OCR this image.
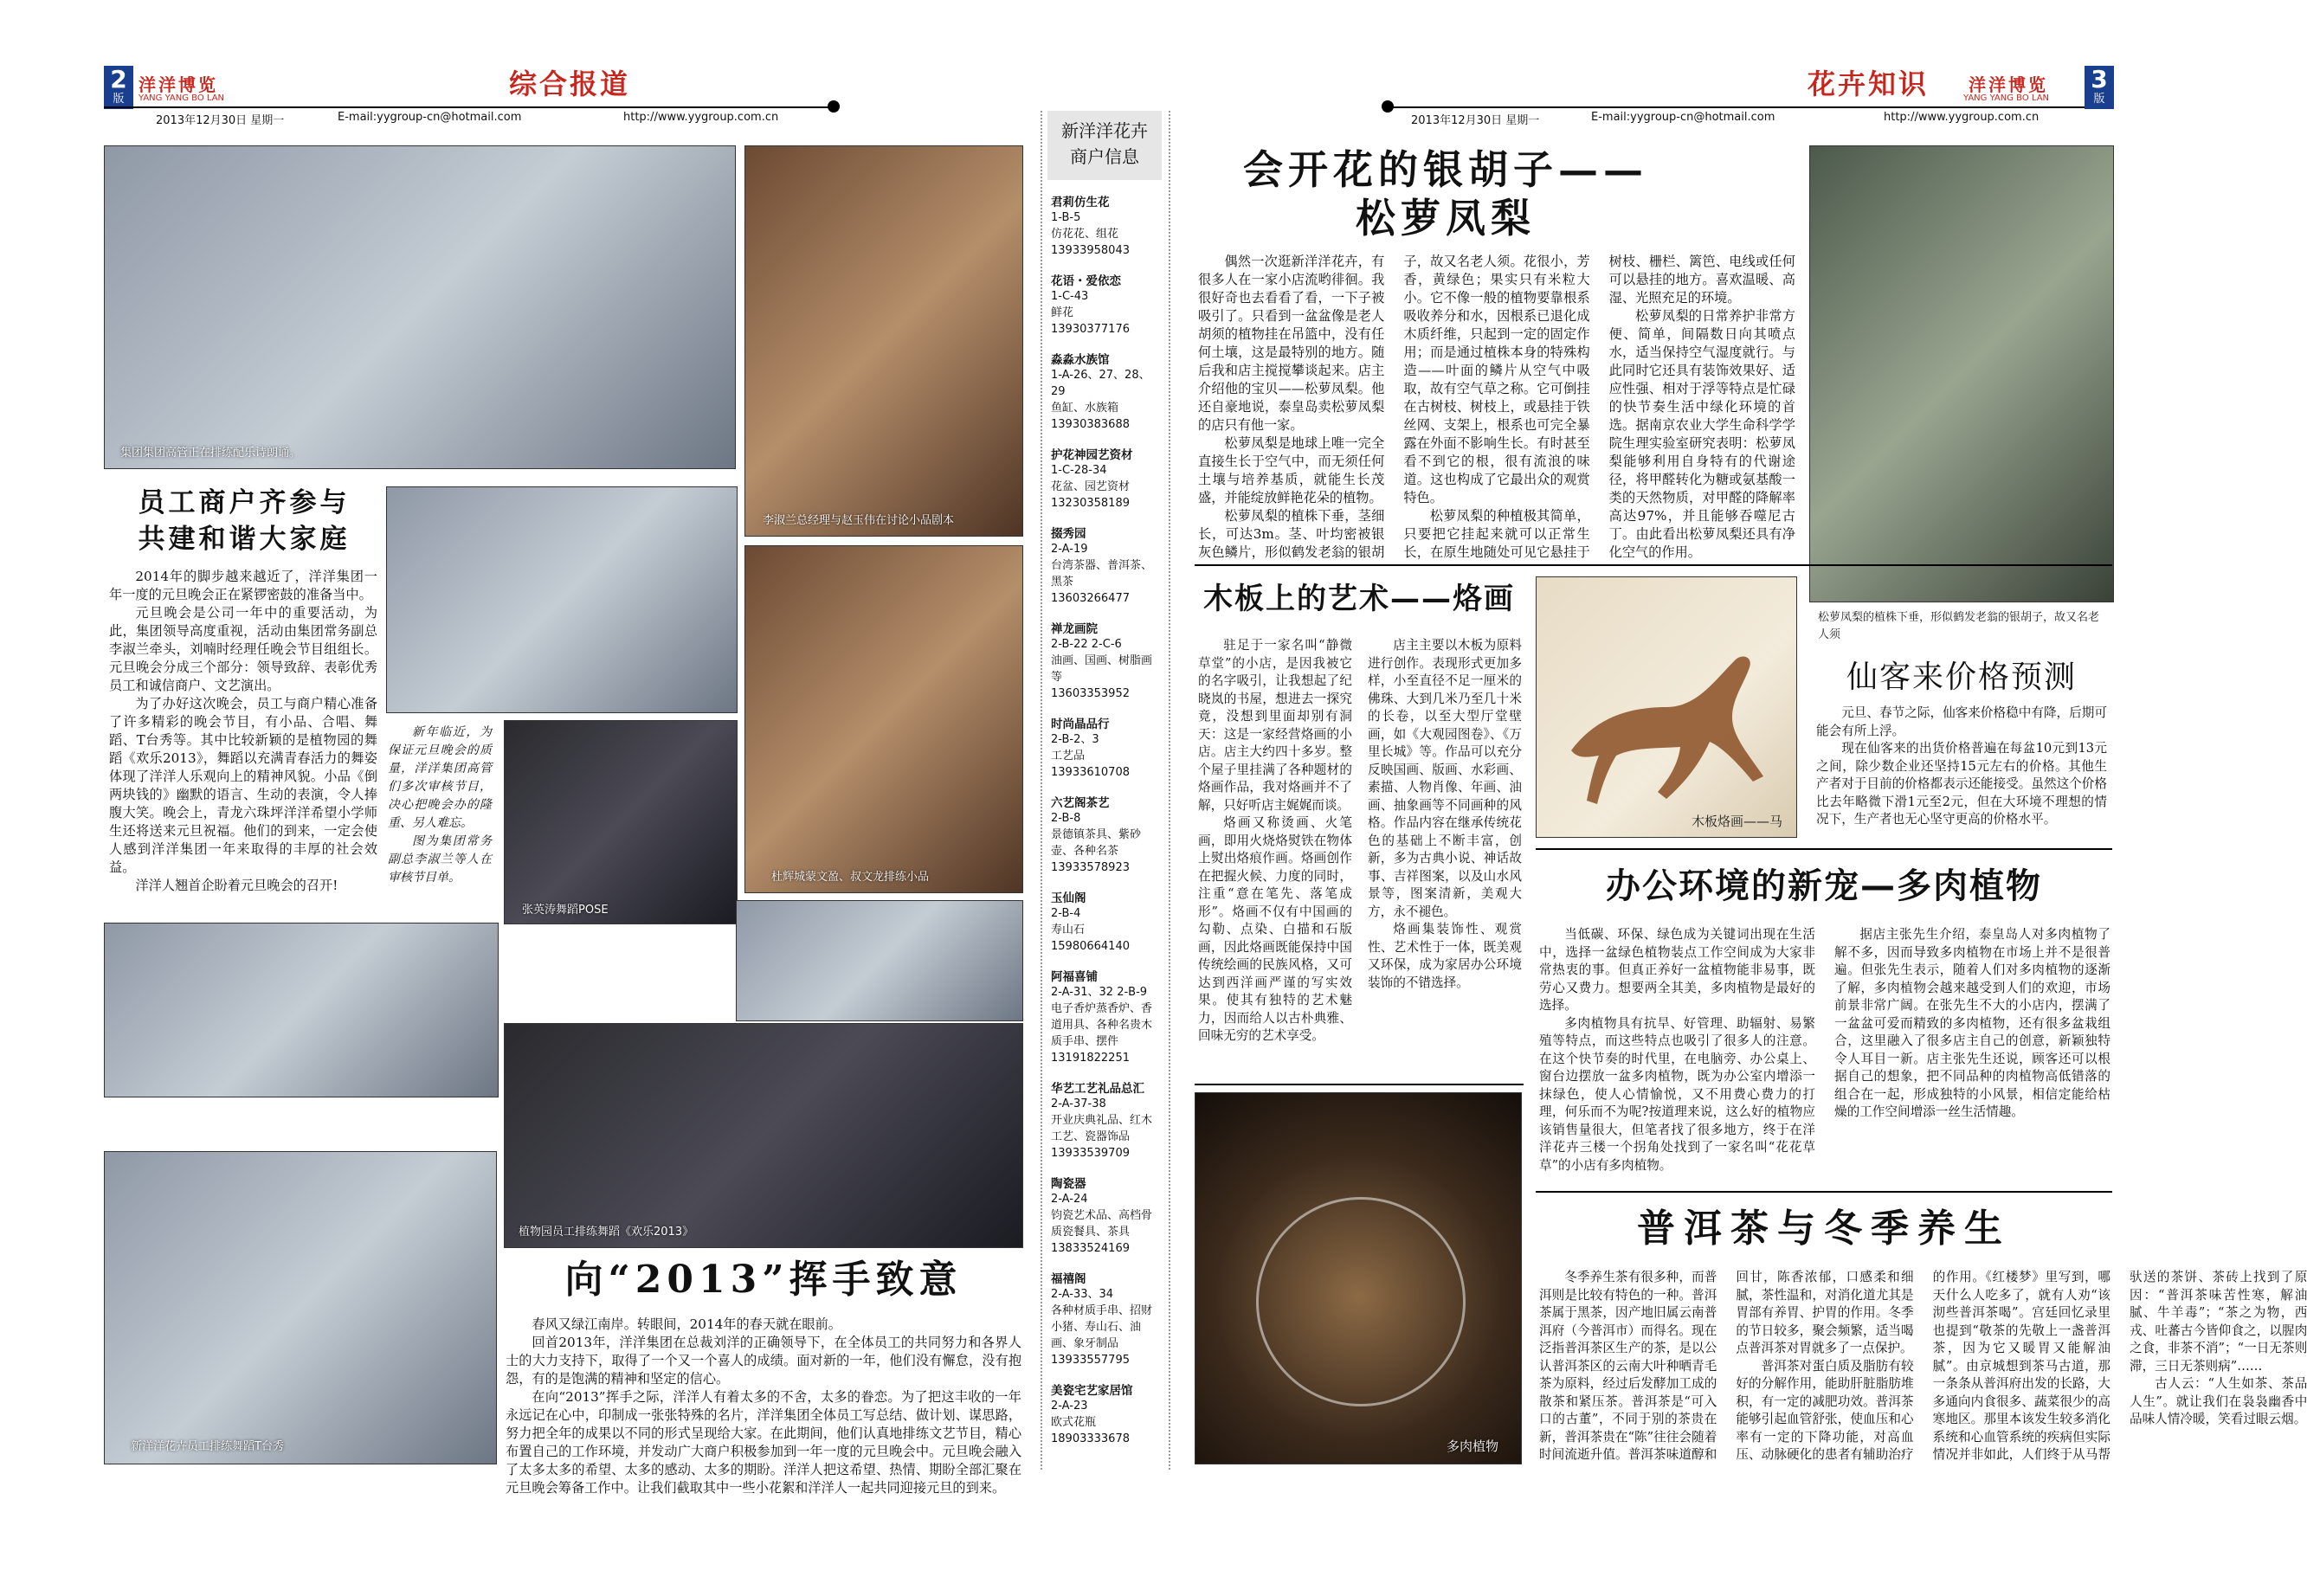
2
版
洋洋博览
YANG YANG BO LAN	综合报道
2013年12月30日 星期一	E-mail:yygroup-cn@hotmail.com	http://www.yygroup.com.cn
花卉知识 洋洋博览
YANG YANG BO LAN
3
版
2013年12月30日 星期一	E-mail:yygroup-cn@hotmail.com	http://www.yygroup.com.cn
集团集团高管正在排练配乐诗朗诵。
李淑兰总经理与赵玉伟在讨论小品剧本
员工商户齐参与
共建和谐大家庭

2014年的脚步越来越近了，洋洋集团一年一度的元旦晚会正在紧锣密鼓的准备当中。

元旦晚会是公司一年中的重要活动，为此，集团领导高度重视，活动由集团常务副总李淑兰牵头，刘喃时经理任晚会节目组组长。元旦晚会分成三个部分：领导致辞、表彰优秀员工和诚信商户、文艺演出。

为了办好这次晚会，员工与商户精心准备了许多精彩的晚会节目，有小品、合唱、舞蹈、T台秀等。其中比较新颖的是植物园的舞蹈《欢乐2013》，舞蹈以充满青春活力的舞姿体现了洋洋人乐观向上的精神风貌。小品《倒两块钱的》幽默的语言、生动的表演，令人捧腹大笑。晚会上，青龙六珠坪洋洋希望小学师生还将送来元旦祝福。他们的到来，一定会使人感到洋洋集团一年来取得的丰厚的社会效益。

洋洋人翘首企盼着元旦晚会的召开!

杜辉城蒙文盈、叔文龙排练小品

新年临近，为保证元旦晚会的质量，洋洋集团高管们多次审核节目，决心把晚会办的隆重、另人难忘。

图为集团常务副总李淑兰等人在审核节目单。

张英涛舞蹈POSE
植物园员工排练舞蹈《欢乐2013》
新洋洋花卉员工排练舞蹈T台秀
向“2013”挥手致意

春风又绿江南岸。转眼间，2014年的春天就在眼前。

回首2013年，洋洋集团在总裁刘洋的正确领导下，在全体员工的共同努力和各界人士的大力支持下，取得了一个又一个喜人的成绩。面对新的一年，他们没有懈怠，没有抱怨，有的是饱满的精神和坚定的信心。

在向“2013”挥手之际，洋洋人有着太多的不舍，太多的眷恋。为了把这丰收的一年永远记在心中，印制成一张张特殊的名片，洋洋集团全体员工写总结、做计划、谋思路，努力把全年的成果以不同的形式呈现给大家。在此期间，他们认真地排练文艺节目，精心布置自己的工作环境，并发动广大商户积极参加到一年一度的元旦晚会中。元旦晚会融入了太多太多的希望、太多的感动、太多的期盼。洋洋人把这希望、热情、期盼全部汇聚在元旦晚会筹备工作中。让我们截取其中一些小花絮和洋洋人一起共同迎接元旦的到来。

新洋洋花卉
商户信息
君莉仿生花
1-B-5
仿花花、组花
13933958043
花语・爱依恋
1-C-43
鲜花
13930377176
淼淼水族馆
1-A-26、27、28、29
鱼缸、水族箱
13930383688
护花神园艺资材
1-C-28-34
花盆、园艺资材
13230358189
掇秀园
2-A-19
台湾茶器、普洱茶、黑茶
13603266477
禅龙画院
2-B-22 2-C-6
油画、国画、树脂画等
13603353952
时尚晶品行
2-B-2、3
工艺品
13933610708
六艺阁茶艺
2-B-8
景德镇茶具、紫砂壶、各种名茶
13933578923
玉仙阁
2-B-4
寿山石
15980664140
阿福喜铺
2-A-31、32 2-B-9
电子香炉蒸香炉、香道用具、各种名贵木质手串、摆件
13191822251
华艺工艺礼品总汇
2-A-37-38
开业庆典礼品、红木工艺、瓷器饰品
13933539709
陶瓷器
2-A-24
钧瓷艺术品、高档骨质瓷餐具、茶具
13833524169
福禧阁
2-A-33、34
各种材质手串、招财小猪、寿山石、油画、象牙制品
13933557795
美瓷宅艺家居馆
2-A-23
欧式花瓶
18903333678
会开花的银胡子——
松萝凤梨

偶然一次逛新洋洋花卉，有很多人在一家小店流哟徘徊。我很好奇也去看看了看，一下子被吸引了。只看到一盆盆像是老人胡须的植物挂在吊篮中，没有任何土壤，这是最特别的地方。随后我和店主搅搅攀谈起来。店主介绍他的宝贝——松萝凤梨。他还自豪地说，泰皇岛卖松萝凤梨的店只有他一家。

松萝凤梨是地球上唯一完全直接生长于空气中，而无须任何土壤与培养基质，就能生长茂盛，并能绽放鲜艳花朵的植物。

松萝凤梨的植株下垂，茎细长，可达3m。茎、叶均密被银灰色鳞片，形似鹤发老翁的银胡子，故又名老人须。花很小，芳香，黄绿色；果实只有米粒大小。它不像一般的植物要靠根系吸收养分和水，因根系已退化成木质纤维，只起到一定的固定作用；而是通过植株本身的特殊构造——叶面的鳞片从空气中吸取，故有空气草之称。它可倒挂在古树枝、树枝上，或悬挂于铁丝网、支架上，根系也可完全暴露在外面不影响生长。有时甚至看不到它的根，很有流浪的味道。这也构成了它最出众的观赏特色。

松萝凤梨的种植极其简单，只要把它挂起来就可以正常生长，在原生地随处可见它悬挂于树枝、栅栏、篱笆、电线或任何可以悬挂的地方。喜欢温暖、高湿、光照充足的环境。

松萝凤梨的日常养护非常方便、简单，间隔数日向其喷点水，适当保持空气湿度就行。与此同时它还具有装饰效果好、适应性强、相对于浮等特点是忙碌的快节奏生活中绿化环境的首选。据南京农业大学生命科学学院生理实验室研究表明：松萝凤梨能够利用自身特有的代谢途径，将甲醛转化为糖或氨基酸一类的天然物质，对甲醛的降解率高达97%，并且能够吞噬尼古丁。由此看出松萝凤梨还具有净化空气的作用。

松萝凤梨的植株下垂，形似鹤发老翁的银胡子，故又名老人须
木板上的艺术——烙画

驻足于一家名叫“静微草堂”的小店，是因我被它的名字吸引，让我想起了纪晓岚的书屋，想进去一探究竟，没想到里面却别有洞天：这是一家经营烙画的小店。店主大约四十多岁。整个屋子里挂满了各种题材的烙画作品，我对烙画并不了解，只好听店主娓娓而谈。

烙画又称烫画、火笔画，即用火烧烙熨铁在物体上熨出烙痕作画。烙画创作在把握火候、力度的同时，注重“意在笔先、落笔成形”。烙画不仅有中国画的勾勒、点染、白描和石版画，因此烙画既能保持中国传统绘画的民族风格，又可达到西洋画严谨的写实效果。使其有独特的艺术魅力，因而给人以古朴典雅、回味无穷的艺术享受。

店主主要以木板为原料进行创作。表现形式更加多样，小至直径不足一厘米的佛珠、大到几米乃至几十米的长卷，以至大型厅堂壁画，如《大观园图卷》、《万里长城》等。作品可以充分反映国画、版画、水彩画、素描、人物肖像、年画、油画、抽象画等不同画种的风格。作品内容在继承传统花色的基础上不断丰富，创新，多为古典小说、神话故事、吉祥图案，以及山水风景等，图案清新，美观大方，永不褪色。

烙画集装饰性、观赏性、艺术性于一体，既美观又环保，成为家居办公环境装饰的不错选择。

木板烙画——马
仙客来价格预测

元旦、春节之际，仙客来价格稳中有降，后期可能会有所上浮。

现在仙客来的出货价格普遍在每盆10元到13元之间，除少数企业还坚持15元左右的价格。其他生产者对于目前的价格都表示还能接受。虽然这个价格比去年略微下滑1元至2元，但在大环境不理想的情况下，生产者也无心坚守更高的价格水平。

办公环境的新宠—多肉植物

当低碳、环保、绿色成为关键词出现在生活中，选择一盆绿色植物装点工作空间成为大家非常热衷的事。但真正养好一盆植物能非易事，既劳心又费力。想要两全其美，多肉植物是最好的选择。

多肉植物具有抗旱、好管理、助辐射、易繁殖等特点，而这些特点也吸引了很多人的注意。在这个快节奏的时代里，在电脑旁、办公桌上、窗台边摆放一盆多肉植物，既为办公室内增添一抹绿色，使人心情愉悦，又不用费心费力的打理，何乐而不为呢?按道理来说，这么好的植物应该销售量很大，但笔者找了很多地方，终于在洋洋花卉三楼一个拐角处找到了一家名叫“花花草草”的小店有多肉植物。

据店主张先生介绍，泰皇岛人对多肉植物了解不多，因而导致多肉植物在市场上并不是很普遍。但张先生表示，随着人们对多肉植物的逐渐了解，多肉植物会越来越受到人们的欢迎，市场前景非常广阔。在张先生不大的小店内，摆满了一盆盆可爱而精致的多肉植物，还有很多盆栽组合，这里融入了很多店主自己的创意，新颖独特令人耳目一新。店主张先生还说，顾客还可以根据自己的想象，把不同品种的肉植物高低错落的组合在一起，形成独特的小风景，相信定能给枯燥的工作空间增添一丝生活情趣。

多肉植物
普洱茶与冬季养生

冬季养生茶有很多种，而普洱则是比较有特色的一种。普洱茶属于黑茶，因产地旧属云南普洱府（今普洱市）而得名。现在泛指普洱茶区生产的茶，是以公认普洱茶区的云南大叶种晒青毛茶为原料，经过后发酵加工成的散茶和紧压茶。普洱茶是“可入口的古董”，不同于别的茶贵在新，普洱茶贵在“陈”往往会随着时间流逝升值。普洱茶味道醇和回甘，陈香浓郁，口感柔和细腻，茶性温和，对消化道尤其是胃部有养胃、护胃的作用。冬季的节日较多，聚会频繁，适当喝点普洱茶对胃就多了一点保护。

普洱茶对蛋白质及脂肪有较好的分解作用，能助肝脏脂肪堆积，有一定的减肥功效。普洱茶能够引起血管舒张，使血压和心率有一定的下降功能，对高血压、动脉硬化的患者有辅助治疗的作用。《红楼梦》里写到，哪天什么人吃多了，就有人劝“该沏些普洱茶喝”。宫廷回忆录里也提到“敬茶的先敬上一盏普洱茶，因为它又暖胃又能解油腻”。由京城想到茶马古道，那一条条从普洱府出发的长路，大多通向内食很多、蔬菜很少的高寒地区。那里本该发生较多消化系统和心血管系统的疾病但实际情况并非如此，人们终于从马帮驮送的茶饼、茶砖上找到了原因：“普洱茶味苦性寒，解油腻、牛羊毒”；“茶之为物，西戎、吐蕃古今皆仰食之，以腥肉之食，非茶不消”；“一日无茶则滞，三日无茶则病”……

古人云：“人生如茶、茶品人生”。就让我们在袅袅幽香中品味人情冷暖，笑看过眼云烟。
